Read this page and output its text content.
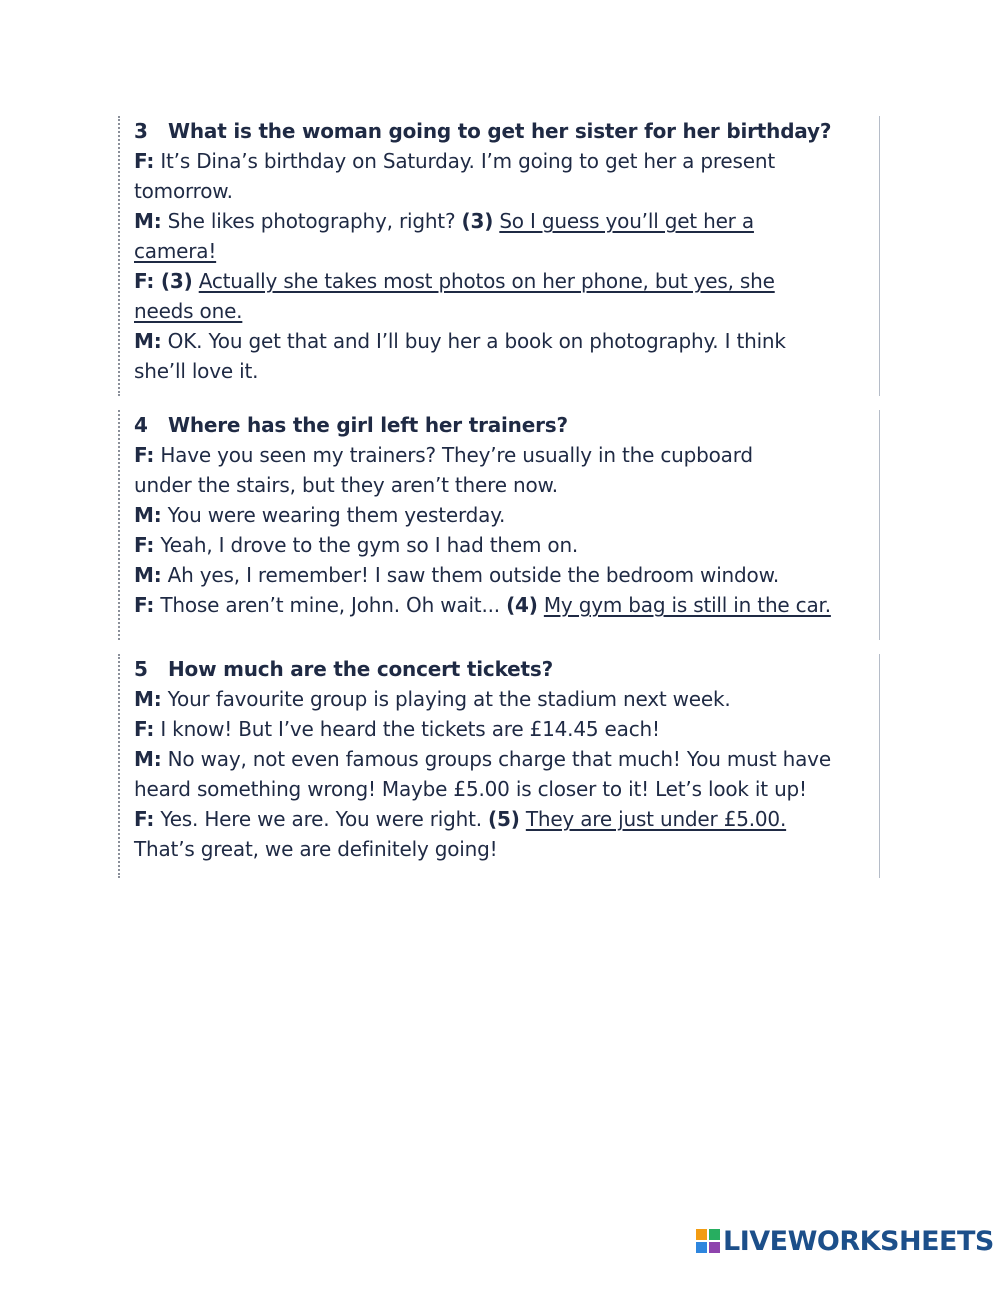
3 What is the woman going to get her sister for her birthday?
F: It’s Dina’s birthday on Saturday. I’m going to get her a present
tomorrow.
M: She likes photography, right? (3) So I guess you’ll get her a
camera!
F: (3) Actually she takes most photos on her phone, but yes, she
needs one.
M: OK. You get that and I’ll buy her a book on photography. I think
she’ll love it.
4 Where has the girl left her trainers?
F: Have you seen my trainers? They’re usually in the cupboard
under the stairs, but they aren’t there now.
M: You were wearing them yesterday.
F: Yeah, I drove to the gym so I had them on.
M: Ah yes, I remember! I saw them outside the bedroom window.
F: Those aren’t mine, John. Oh wait... (4) My gym bag is still in the car.
5 How much are the concert tickets?
M: Your favourite group is playing at the stadium next week.
F: I know! But I’ve heard the tickets are £14.45 each!
M: No way, not even famous groups charge that much! You must have
heard something wrong! Maybe £5.00 is closer to it! Let’s look it up!
F: Yes. Here we are. You were right. (5) They are just under £5.00.
That’s great, we are definitely going!
LIVEWORKSHEETS
